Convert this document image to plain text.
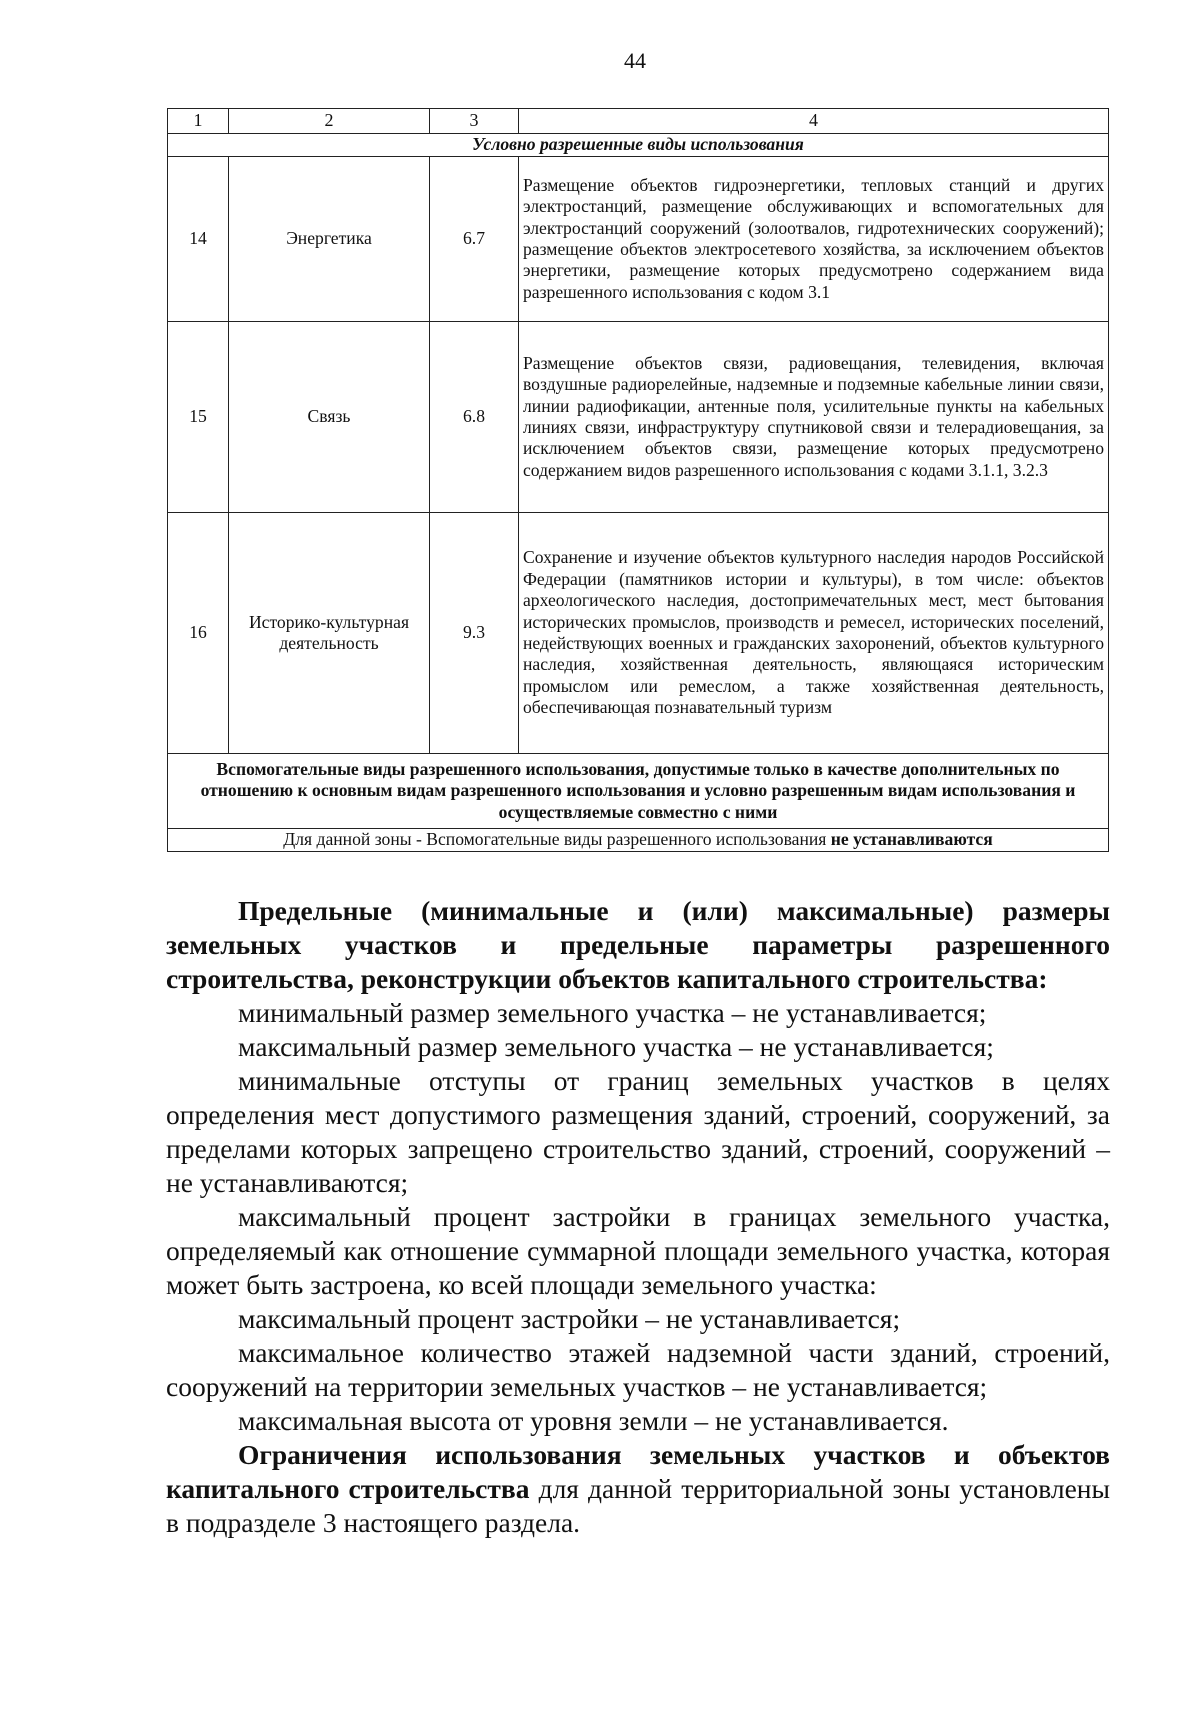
44
1	2	3	4
Условно разрешенные виды использования			
14	Энергетика	6.7	Размещение объектов гидроэнергетики, тепловых станций и других электростанций, размещение обслуживающих и вспомогательных для электростанций сооружений (золоотвалов, гидротехнических сооружений); размещение объектов электросетевого хозяйства, за исключением объектов энергетики, размещение которых предусмотрено содержанием вида разрешенного использования с кодом 3.1
15	Связь	6.8	Размещение объектов связи, радиовещания, телевидения, включая воздушные радиорелейные, надземные и подземные кабельные линии связи, линии радиофикации, антенные поля, усилительные пункты на кабельных линиях связи, инфраструктуру спутниковой связи и телерадиовещания, за исключением объектов связи, размещение которых предусмотрено содержанием видов разрешенного использования с кодами 3.1.1, 3.2.3
16	Историко-культурная деятельность	9.3	Сохранение и изучение объектов культурного наследия народов Российской Федерации (памятников истории и культуры), в том числе: объектов археологического наследия, достопримечательных мест, мест бытования исторических промыслов, производств и ремесел, исторических поселений, недействующих военных и гражданских захоронений, объектов культурного наследия, хозяйственная деятельность, являющаяся историческим промыслом или ремеслом, а также хозяйственная деятельность, обеспечивающая познавательный туризм
Вспомогательные виды разрешенного использования, допустимые только в качестве дополнительных по отношению к основным видам разрешенного использования и условно разрешенным видам использования и осуществляемые совместно с ними			
Для данной зоны - Вспомогательные виды разрешенного использования не устанавливаются			

Предельные (минимальные и (или) максимальные) размеры земельных участков и предельные параметры разрешенного строительства, реконструкции объектов капитального строительства:

минимальный размер земельного участка – не устанавливается;

максимальный размер земельного участка – не устанавливается;

минимальные отступы от границ земельных участков в целях определения мест допустимого размещения зданий, строений, сооружений, за пределами которых запрещено строительство зданий, строений, сооружений – не устанавливаются;

максимальный процент застройки в границах земельного участка, определяемый как отношение суммарной площади земельного участка, которая может быть застроена, ко всей площади земельного участка:

максимальный процент застройки – не устанавливается;

максимальное количество этажей надземной части зданий, строений, сооружений на территории земельных участков – не устанавливается;

максимальная высота от уровня земли – не устанавливается.

Ограничения использования земельных участков и объектов капитального строительства для данной территориальной зоны установлены в подразделе 3 настоящего раздела.
